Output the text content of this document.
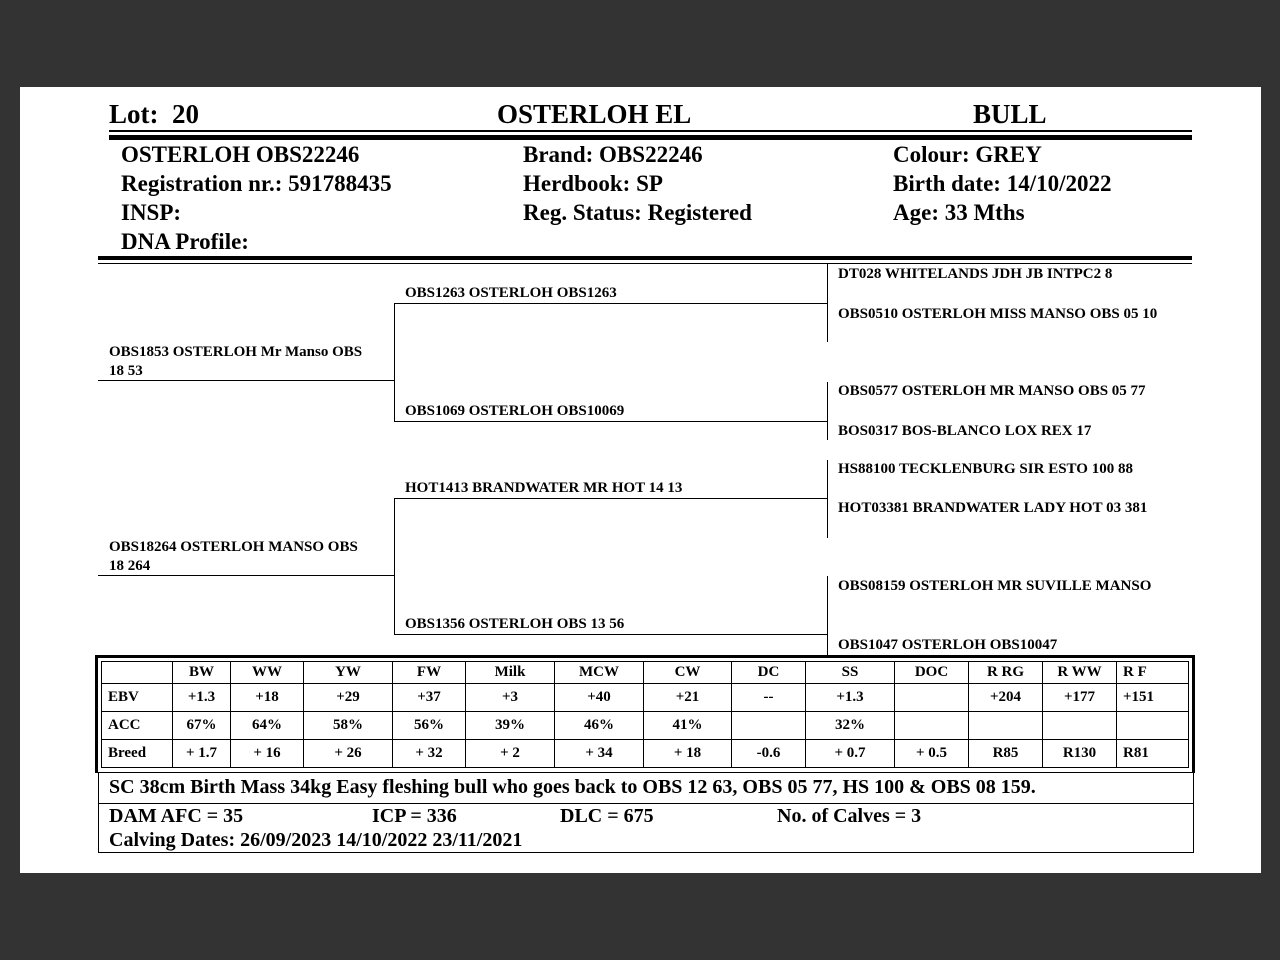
Lot: 20	OSTERLOH EL	BULL
OSTERLOH OBS22246
Registration nr.: 591788435
INSP:
DNA Profile:
Brand: OBS22246
Herdbook: SP
Reg. Status: Registered
Colour: GREY
Birth date: 14/10/2022
Age: 33 Mths
OBS1853 OSTERLOH Mr Manso OBS 18 53
OBS18264 OSTERLOH MANSO OBS 18 264
OBS1263 OSTERLOH OBS1263
OBS1069 OSTERLOH OBS10069
HOT1413 BRANDWATER MR HOT 14 13
OBS1356 OSTERLOH OBS 13 56
DT028 WHITELANDS JDH JB INTPC2 8
OBS0510 OSTERLOH MISS MANSO OBS 05 10
OBS0577 OSTERLOH MR MANSO OBS 05 77
BOS0317 BOS-BLANCO LOX REX 17
HS88100 TECKLENBURG SIR ESTO 100 88
HOT03381 BRANDWATER LADY HOT 03 381
OBS08159 OSTERLOH MR SUVILLE MANSO
OBS1047 OSTERLOH OBS10047
	BW	WW	YW	FW	Milk	MCW	CW	DC	SS	DOC	R RG	R WW	R F
EBV	+1.3	+18	+29	+37	+3	+40	+21	--	+1.3		+204	+177	+151
ACC	67%	64%	58%	56%	39%	46%	41%		32%				
Breed	+ 1.7	+ 16	+ 26	+ 32	+ 2	+ 34	+ 18	-0.6	+ 0.7	+ 0.5	R85	R130	R81
SC 38cm Birth Mass 34kg Easy fleshing bull who goes back to OBS 12 63, OBS 05 77, HS 100 & OBS 08 159.
DAM AFC = 35	ICP = 336	DLC = 675	No. of Calves = 3
Calving Dates: 26/09/2023 14/10/2022 23/11/2021
